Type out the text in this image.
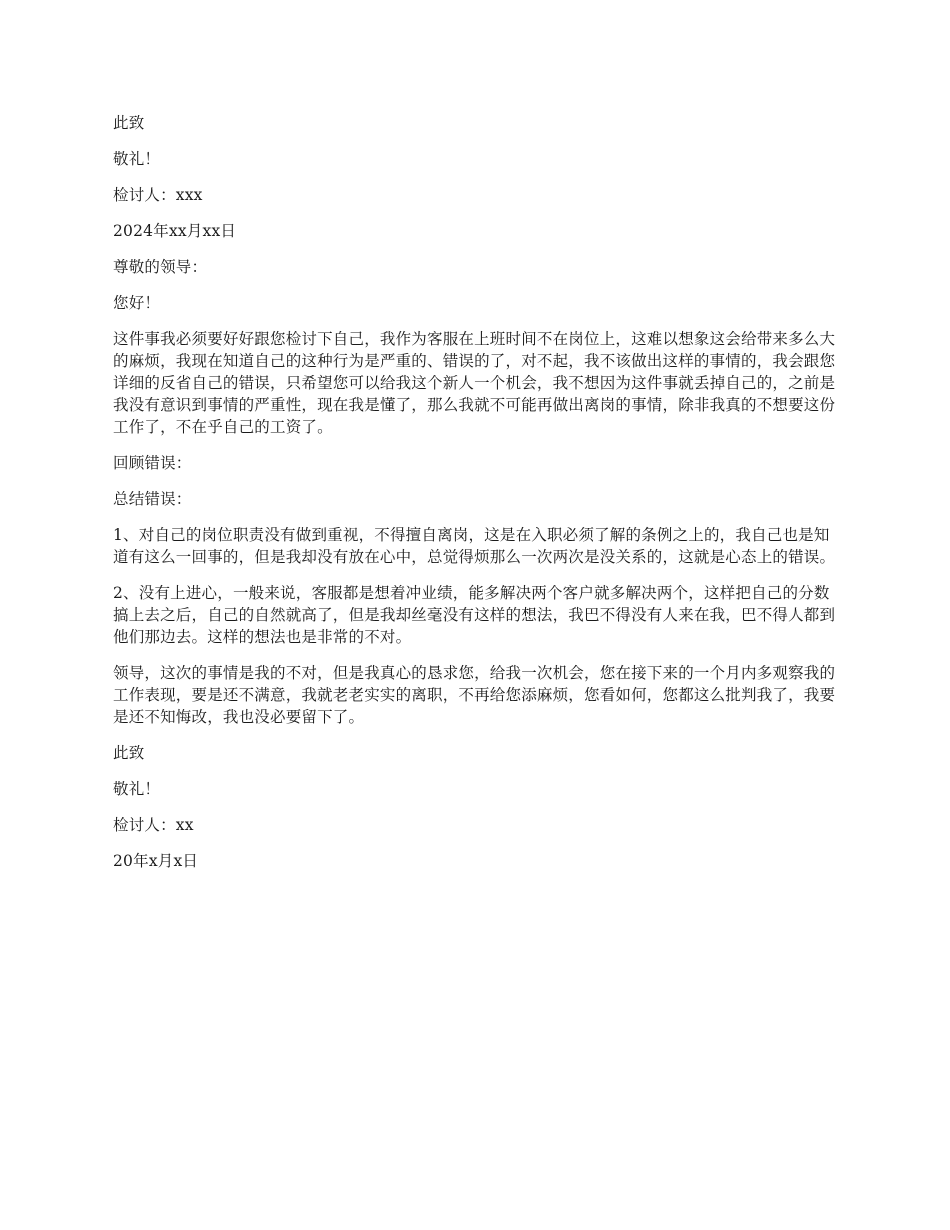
此致

敬礼！

检讨人：xxx

2024年xx月xx日

尊敬的领导：

您好！

这件事我必须要好好跟您检讨下自己，我作为客服在上班时间不在岗位上，这难以想象这会给带来多么大的麻烦，我现在知道自己的这种行为是严重的、错误的了，对不起，我不该做出这样的事情的，我会跟您详细的反省自己的错误，只希望您可以给我这个新人一个机会，我不想因为这件事就丢掉自己的，之前是我没有意识到事情的严重性，现在我是懂了，那么我就不可能再做出离岗的事情，除非我真的不想要这份工作了，不在乎自己的工资了。

回顾错误：

总结错误：

1、对自己的岗位职责没有做到重视，不得擅自离岗，这是在入职必须了解的条例之上的，我自己也是知道有这么一回事的，但是我却没有放在心中，总觉得烦那么一次两次是没关系的，这就是心态上的错误。

2、没有上进心，一般来说，客服都是想着冲业绩，能多解决两个客户就多解决两个，这样把自己的分数搞上去之后，自己的自然就高了，但是我却丝毫没有这样的想法，我巴不得没有人来在我，巴不得人都到他们那边去。这样的想法也是非常的不对。

领导，这次的事情是我的不对，但是我真心的恳求您，给我一次机会，您在接下来的一个月内多观察我的工作表现，要是还不满意，我就老老实实的离职，不再给您添麻烦，您看如何，您都这么批判我了，我要是还不知悔改，我也没必要留下了。

此致

敬礼！

检讨人：xx

20年x月x日
